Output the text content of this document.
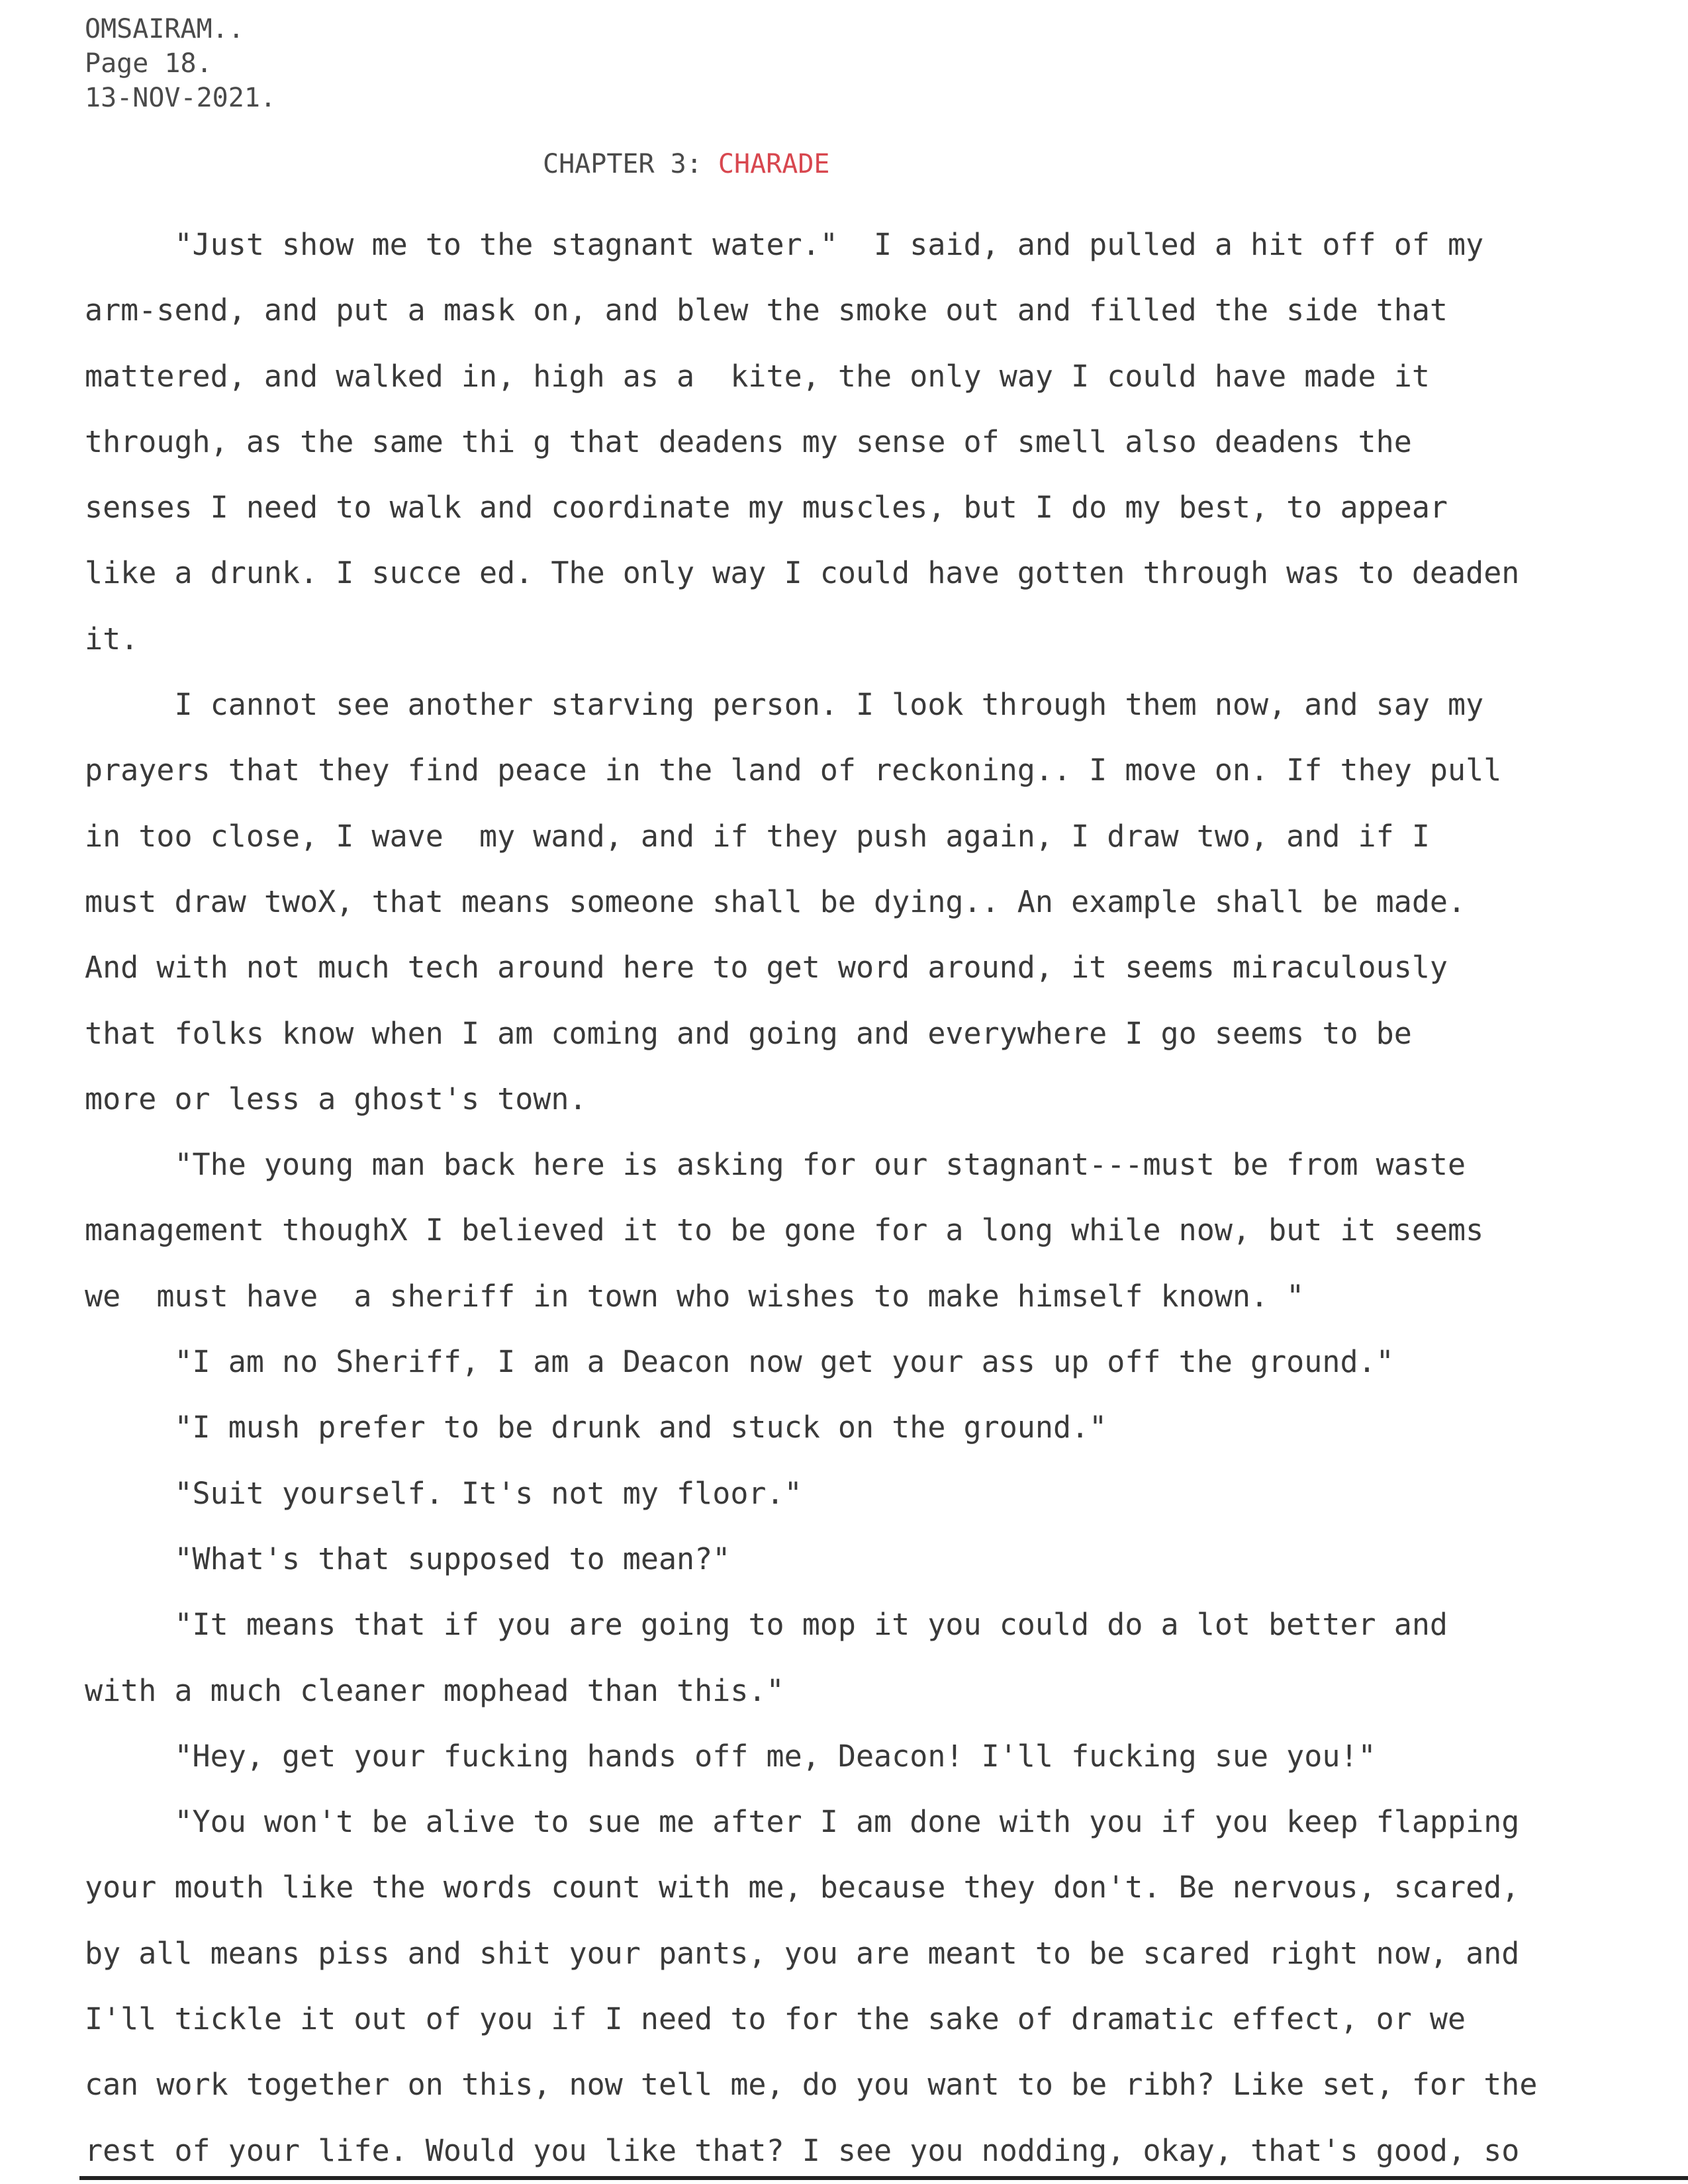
OMSAIRAM..
Page 18.
13-NOV-2021.
CHAPTER 3: CHARADE
"Just show me to the stagnant water."  I said, and pulled a hit off of my
arm-send, and put a mask on, and blew the smoke out and filled the side that
mattered, and walked in, high as a  kite, the only way I could have made it
through, as the same thi g that deadens my sense of smell also deadens the
senses I need to walk and coordinate my muscles, but I do my best, to appear
like a drunk. I succe ed. The only way I could have gotten through was to deaden
it.
I cannot see another starving person. I look through them now, and say my
prayers that they find peace in the land of reckoning.. I move on. If they pull
in too close, I wave  my wand, and if they push again, I draw two, and if I
must draw twoX, that means someone shall be dying.. An example shall be made.
And with not much tech around here to get word around, it seems miraculously
that folks know when I am coming and going and everywhere I go seems to be
more or less a ghost's town.
"The young man back here is asking for our stagnant---must be from waste
management thoughX I believed it to be gone for a long while now, but it seems
we  must have  a sheriff in town who wishes to make himself known. "
"I am no Sheriff, I am a Deacon now get your ass up off the ground."
"I mush prefer to be drunk and stuck on the ground."
"Suit yourself. It's not my floor."
"What's that supposed to mean?"
"It means that if you are going to mop it you could do a lot better and
with a much cleaner mophead than this."
"Hey, get your fucking hands off me, Deacon! I'll fucking sue you!"
"You won't be alive to sue me after I am done with you if you keep flapping
your mouth like the words count with me, because they don't. Be nervous, scared,
by all means piss and shit your pants, you are meant to be scared right now, and
I'll tickle it out of you if I need to for the sake of dramatic effect, or we
can work together on this, now tell me, do you want to be ribh? Like set, for the
rest of your life. Would you like that? I see you nodding, okay, that's good, so
